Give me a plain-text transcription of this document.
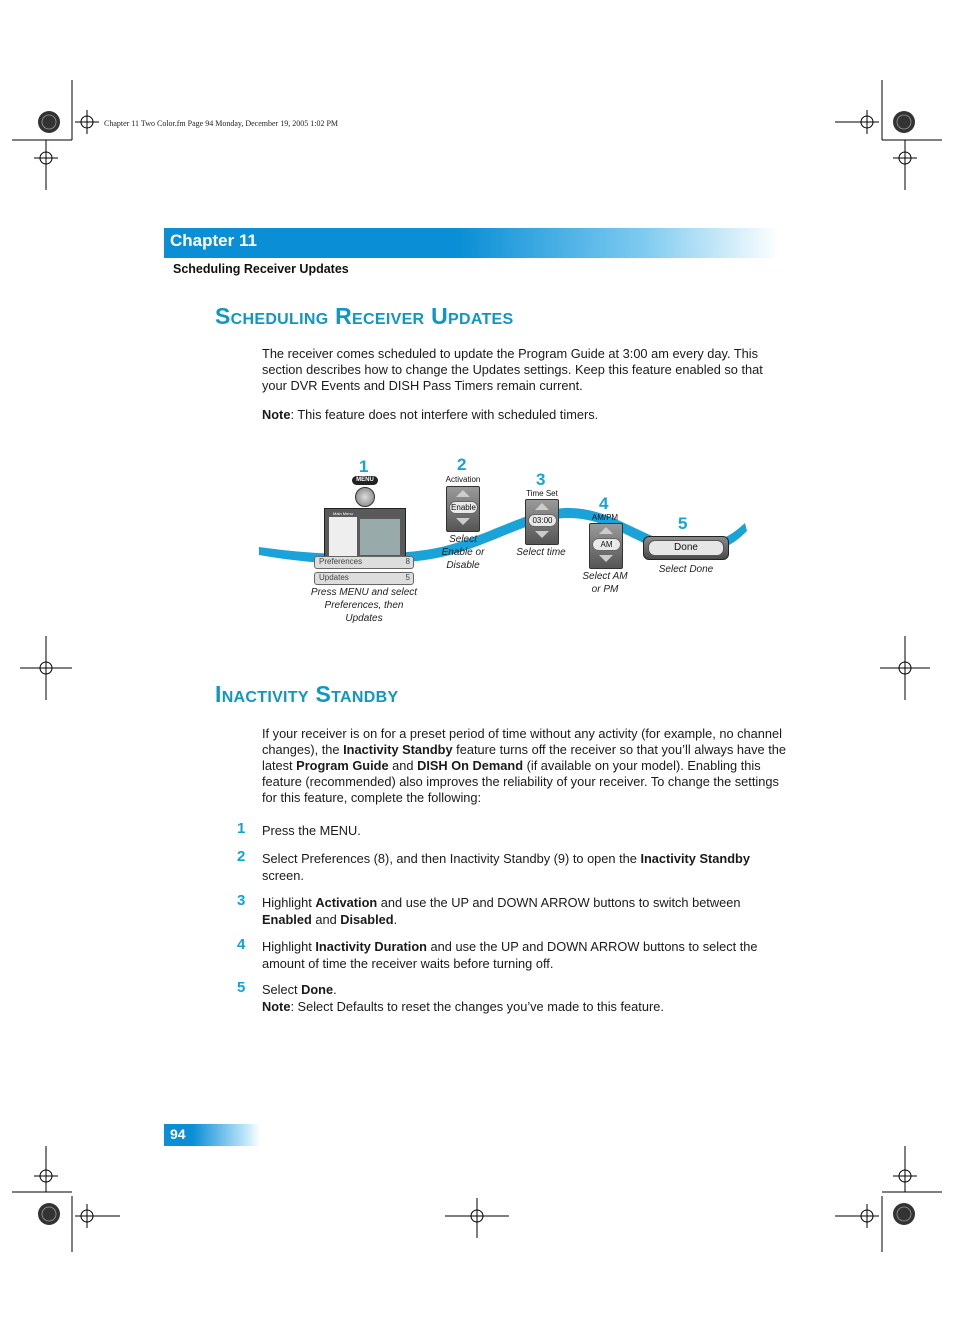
Chapter 11 Two Color.fm Page 94 Monday, December 19, 2005 1:02 PM
Chapter 11
Scheduling Receiver Updates
Scheduling Receiver Updates
The receiver comes scheduled to update the Program Guide at 3:00 am every day. This section describes how to change the Updates settings. Keep this feature enabled so that your DVR Events and DISH Pass Timers remain current.
Note: This feature does not interfere with scheduled timers.
1
MENU
Main Menu
Preferences	8
Updates	5
Press MENU and select Preferences, then Updates
2
Activation
Enable
Select Enable or Disable
3
Time Set
03:00
Select time
4
AM/PM
AM
Select AM or PM
5
Done
Select Done
Inactivity Standby
If your receiver is on for a preset period of time without any activity (for example, no channel changes), the Inactivity Standby feature turns off the receiver so that you’ll always have the latest Program Guide and DISH On Demand (if available on your model). Enabling this feature (recommended) also improves the reliability of your receiver. To change the settings for this feature, complete the following:
1 Press the MENU.
2 Select Preferences (8), and then Inactivity Standby (9) to open the Inactivity Standby screen.
3 Highlight Activation and use the UP and DOWN ARROW buttons to switch between Enabled and Disabled.
4 Highlight Inactivity Duration and use the UP and DOWN ARROW buttons to select the amount of time the receiver waits before turning off.
5 Select Done.
Note: Select Defaults to reset the changes you’ve made to this feature.
94
